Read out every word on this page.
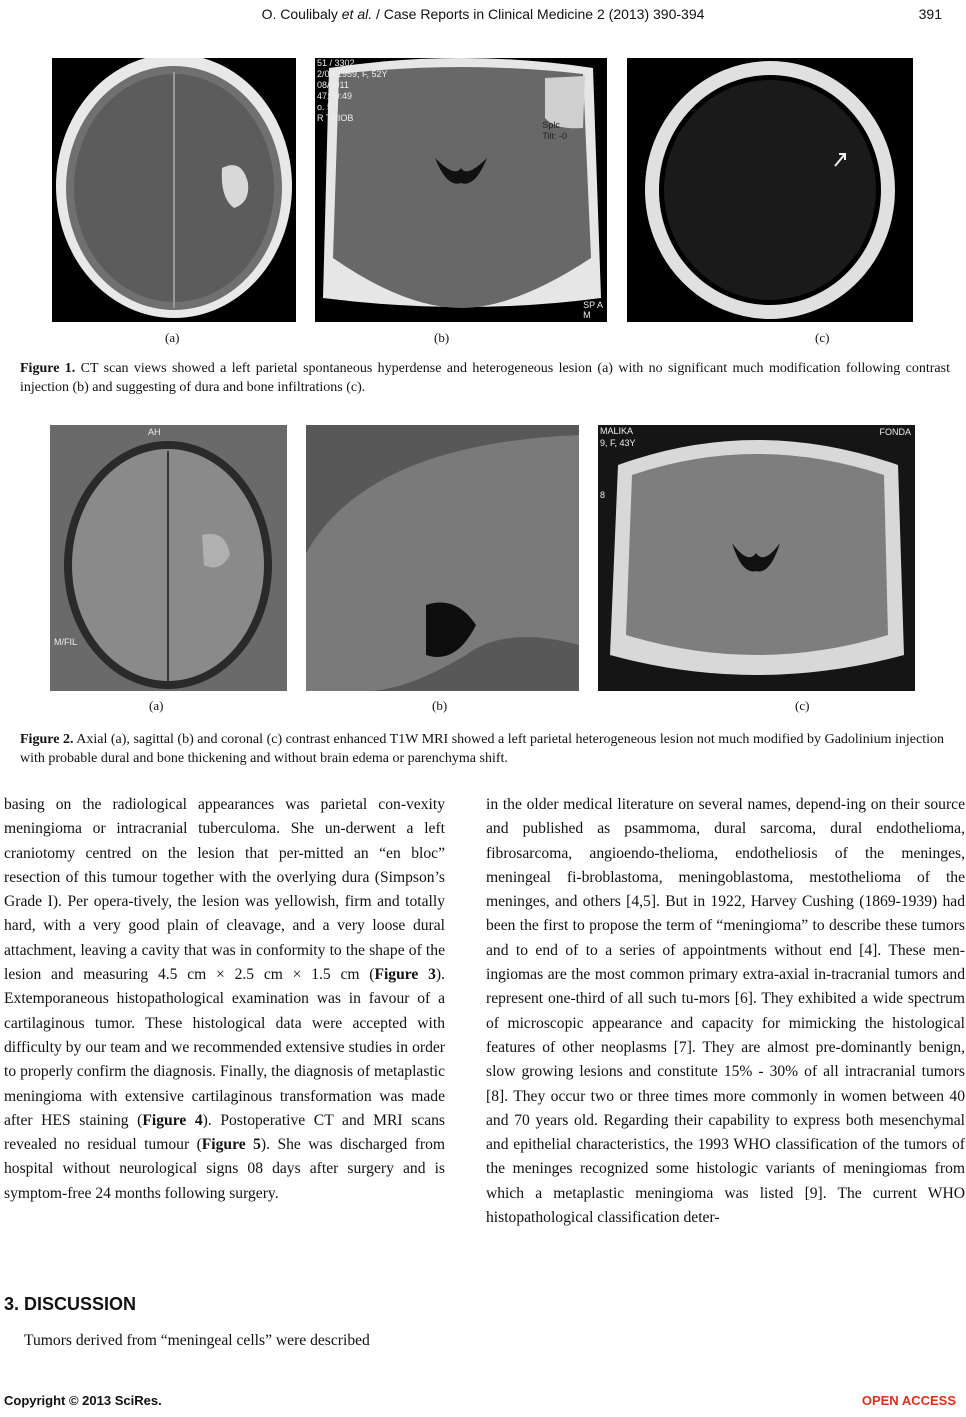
O. Coulibaly et al. / Case Reports in Clinical Medicine 2 (2013) 390-394	391
51 / 3302
2/08/1959, F, 52Y
08/2011
47:50:49
o. 5
R THIOB
Splc
Tilt: -0
SP A
M
(a)	(b)	(c)
Figure 1. CT scan views showed a left parietal spontaneous hyperdense and heterogeneous lesion (a) with no significant much modification following contrast injection (b) and suggesting of dura and bone infiltrations (c).
AH
M/FIL
MALIKA
9, F, 43Y
8
FONDA
(a)	(b)	(c)
Figure 2. Axial (a), sagittal (b) and coronal (c) contrast enhanced T1W MRI showed a left parietal heterogeneous lesion not much modified by Gadolinium injection with probable dural and bone thickening and without brain edema or parenchyma shift.

basing on the radiological appearances was parietal con-vexity meningioma or intracranial tuberculoma. She un-derwent a left craniotomy centred on the lesion that per-mitted an “en bloc” resection of this tumour together with the overlying dura (Simpson’s Grade I). Per opera-tively, the lesion was yellowish, firm and totally hard, with a very good plain of cleavage, and a very loose dural attachment, leaving a cavity that was in conformity to the shape of the lesion and measuring 4.5 cm × 2.5 cm × 1.5 cm (Figure 3). Extemporaneous histopathological examination was in favour of a cartilaginous tumor. These histological data were accepted with difficulty by our team and we recommended extensive studies in order to properly confirm the diagnosis. Finally, the diagnosis of metaplastic meningioma with extensive cartilaginous transformation was made after HES staining (Figure 4). Postoperative CT and MRI scans revealed no residual tumour (Figure 5). She was discharged from hospital without neurological signs 08 days after surgery and is symptom-free 24 months following surgery.

3. DISCUSSION
Tumors derived from “meningeal cells” were described

in the older medical literature on several names, depend-ing on their source and published as psammoma, dural sarcoma, dural endothelioma, fibrosarcoma, angioendo-thelioma, endotheliosis of the meninges, meningeal fi-broblastoma, meningoblastoma, mestothelioma of the meninges, and others [4,5]. But in 1922, Harvey Cushing (1869-1939) had been the first to propose the term of “meningioma” to describe these tumors and to end of to a series of appointments without end [4]. These men-ingiomas are the most common primary extra-axial in-tracranial tumors and represent one-third of all such tu-mors [6]. They exhibited a wide spectrum of microscopic appearance and capacity for mimicking the histological features of other neoplasms [7]. They are almost pre-dominantly benign, slow growing lesions and constitute 15% - 30% of all intracranial tumors [8]. They occur two or three times more commonly in women between 40 and 70 years old. Regarding their capability to express both mesenchymal and epithelial characteristics, the 1993 WHO classification of the tumors of the meninges recognized some histologic variants of meningiomas from which a metaplastic meningioma was listed [9]. The current WHO histopathological classification deter-

Copyright © 2013 SciRes.	OPEN ACCESS
